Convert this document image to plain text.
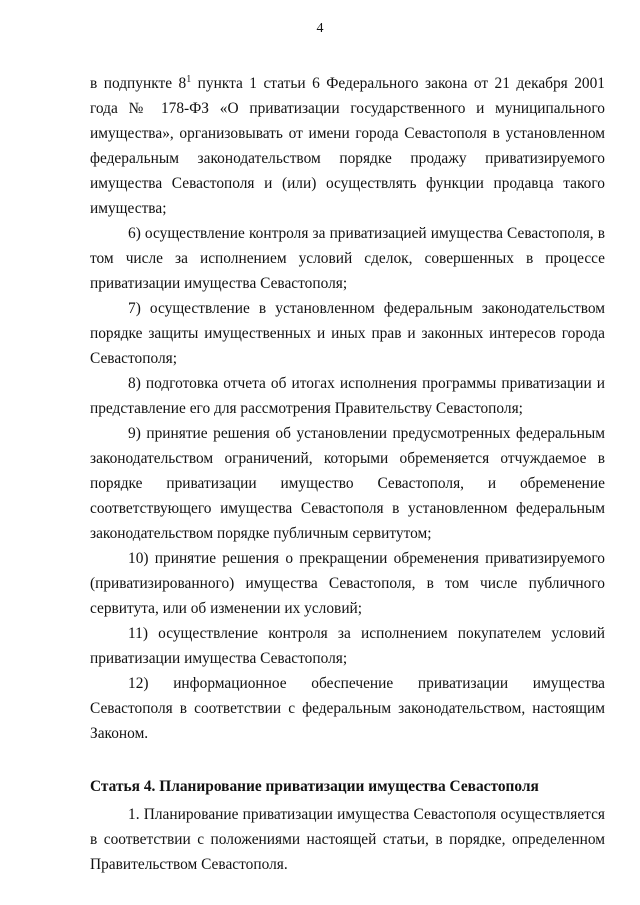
4

в подпункте $8^1$ пункта 1 статьи 6 Федерального закона от 21 декабря 2001 года № 178-ФЗ «О приватизации государственного и муниципального имущества», организовывать от имени города Севастополя в установленном федеральным законодательством порядке продажу приватизируемого имущества Севастополя и (или) осуществлять функции продавца такого имущества;

6) осуществление контроля за приватизацией имущества Севастополя, в том числе за исполнением условий сделок, совершенных в процессе приватизации имущества Севастополя;

7) осуществление в установленном федеральным законодательством порядке защиты имущественных и иных прав и законных интересов города Севастополя;

8) подготовка отчета об итогах исполнения программы приватизации и представление его для рассмотрения Правительству Севастополя;

9) принятие решения об установлении предусмотренных федеральным законодательством ограничений, которыми обременяется отчуждаемое в порядке приватизации имущество Севастополя, и обременение соответствующего имущества Севастополя в установленном федеральным законодательством порядке публичным сервитутом;

10) принятие решения о прекращении обременения приватизируемого (приватизированного) имущества Севастополя, в том числе публичного сервитута, или об изменении их условий;

11) осуществление контроля за исполнением покупателем условий приватизации имущества Севастополя;

12) информационное обеспечение приватизации имущества Севастополя в соответствии с федеральным законодательством, настоящим Законом.

Статья 4. Планирование приватизации имущества Севастополя

1. Планирование приватизации имущества Севастополя осуществляется в соответствии с положениями настоящей статьи, в порядке, определенном Правительством Севастополя.
